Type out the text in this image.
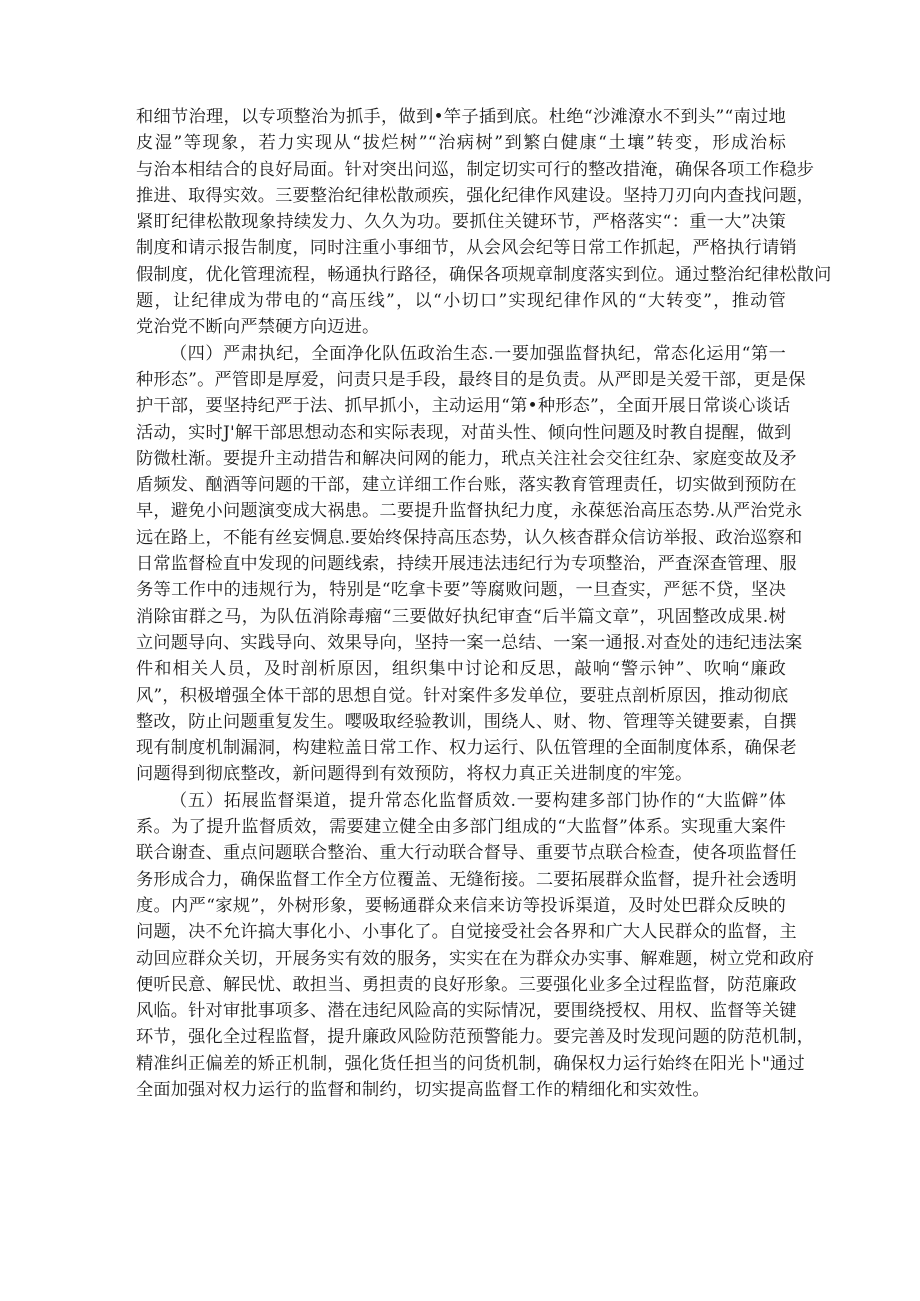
和细节治理，以专项整治为抓手，做到•竿子插到底。杜绝“沙滩潦水不到头”“南过地
皮湿”等现象，若力实现从“拔烂树”“治病树”到繁白健康“土壤”转变，形成治标
与治本相结合的良好局面。针对突出问巡，制定切实可行的整改措淹，确保各项工作稳步
推进、取得实效。三要整治纪律松散顽疾，强化纪律作风建设。坚持刀刃向内查找问题，
紧盯纪律松散现象持续发力、久久为功。要抓住关键环节，严格落实“：重一大”决策
制度和请示报告制度，同时注重小事细节，从会风会纪等日常工作抓起，严格执行请销
假制度，优化管理流程，畅通执行路径，确保各项规章制度落实到位。通过整治纪律松散问
题，让纪律成为带电的“高压线”，以“小切口”实现纪律作风的“大转变”，推动管
党治党不断向严禁硬方向迈进。
（四）严肃执纪，全面净化队伍政治生态.一要加强监督执纪，常态化运用“第一
种形态”。严管即是厚爱，问责只是手段，最终目的是负责。从严即是关爱干部，更是保
护干部，要坚持纪严于法、抓早抓小，主动运用“第•种形态”，全面开展日常谈心谈话
活动，实时J'解干部思想动态和实际表现，对苗头性、倾向性问题及时教自提醒，做到
防微杜渐。要提升主动措告和解决问网的能力，玳点关注社会交往红杂、家庭变故及矛
盾频发、酗酒等问题的干部，建立详细工作台账，落实教育管理责任，切实做到预防在
早，避免小问题演变成大祸患。二要提升监督执纪力度，永葆惩治高压态势.从严治党永
远在路上，不能有丝妄惆息.要始终保持高压态势，认久核杳群众信访举报、政治巡察和
日常监督检直中发现的问题线索，持续开展违法违纪行为专项整治，严査深查管理、服
务等工作中的违规行为，特别是“吃拿卡要”等腐败问题，一旦查实，严惩不贷，坚决
消除宙群之马，为队伍消除毒瘤“三要做好执纪审查“后半篇文章”，巩固整改成果.树
立问题导向、实践导向、效果导向，坚持一案一总结、一案一通报.对查处的违纪违法案
件和相关人员，及时剖析原因，组织集中讨论和反思，敲响“警示钟”、吹响“廉政
风”，积极增强全体干部的思想自觉。针对案件多发单位，要驻点剖析原因，推动彻底
整改，防止问题重复发生。嘤吸取经验教训，围绕人、财、物、管理等关键要素，自撰
现有制度机制漏洞，构建粒盖日常工作、权力运行、队伍管理的全面制度体系，确保老
问题得到彻底整改，新问题得到有效预防，将权力真正关进制度的牢笼。
（五）拓展监督渠道，提升常态化监督质效.一要构建多部门协作的“大监僻”体
系。为了提升监督质效，需要建立健全由多部门组成的“大监督”体系。实现重大案件
联合谢查、重点问题联合整治、重大行动联合督导、重要节点联合检查，使各项监督任
务形成合力，确保监督工作全方位覆盖、无缝衔接。二要拓展群众监督，提升社会透明
度。内严“家规”，外树形象，要畅通群众来信来访等投诉渠道，及时处巴群众反映的
问题，决不允许搞大事化小、小事化了。自觉接受社会各界和广大人民群众的监督，主
动回应群众关切，开展务实有效的服务，实实在在为群众办实事、解难题，树立党和政府
便听民意、解民忧、敢担当、勇担责的良好形象。三要强化业多全过程监督，防范廉政
风临。针对审批事项多、潜在违纪风险高的实际情况，要围绕授权、用权、监督等关键
环节，强化全过程监督，提升廉政风险防范预警能力。要完善及时发现问题的防范机制，
精准纠正偏差的矫正机制，强化货任担当的问货机制，确保权力运行始终在阳光卜"通过
全面加强对权力运行的监督和制约，切实提高监督工作的精细化和实效性。
